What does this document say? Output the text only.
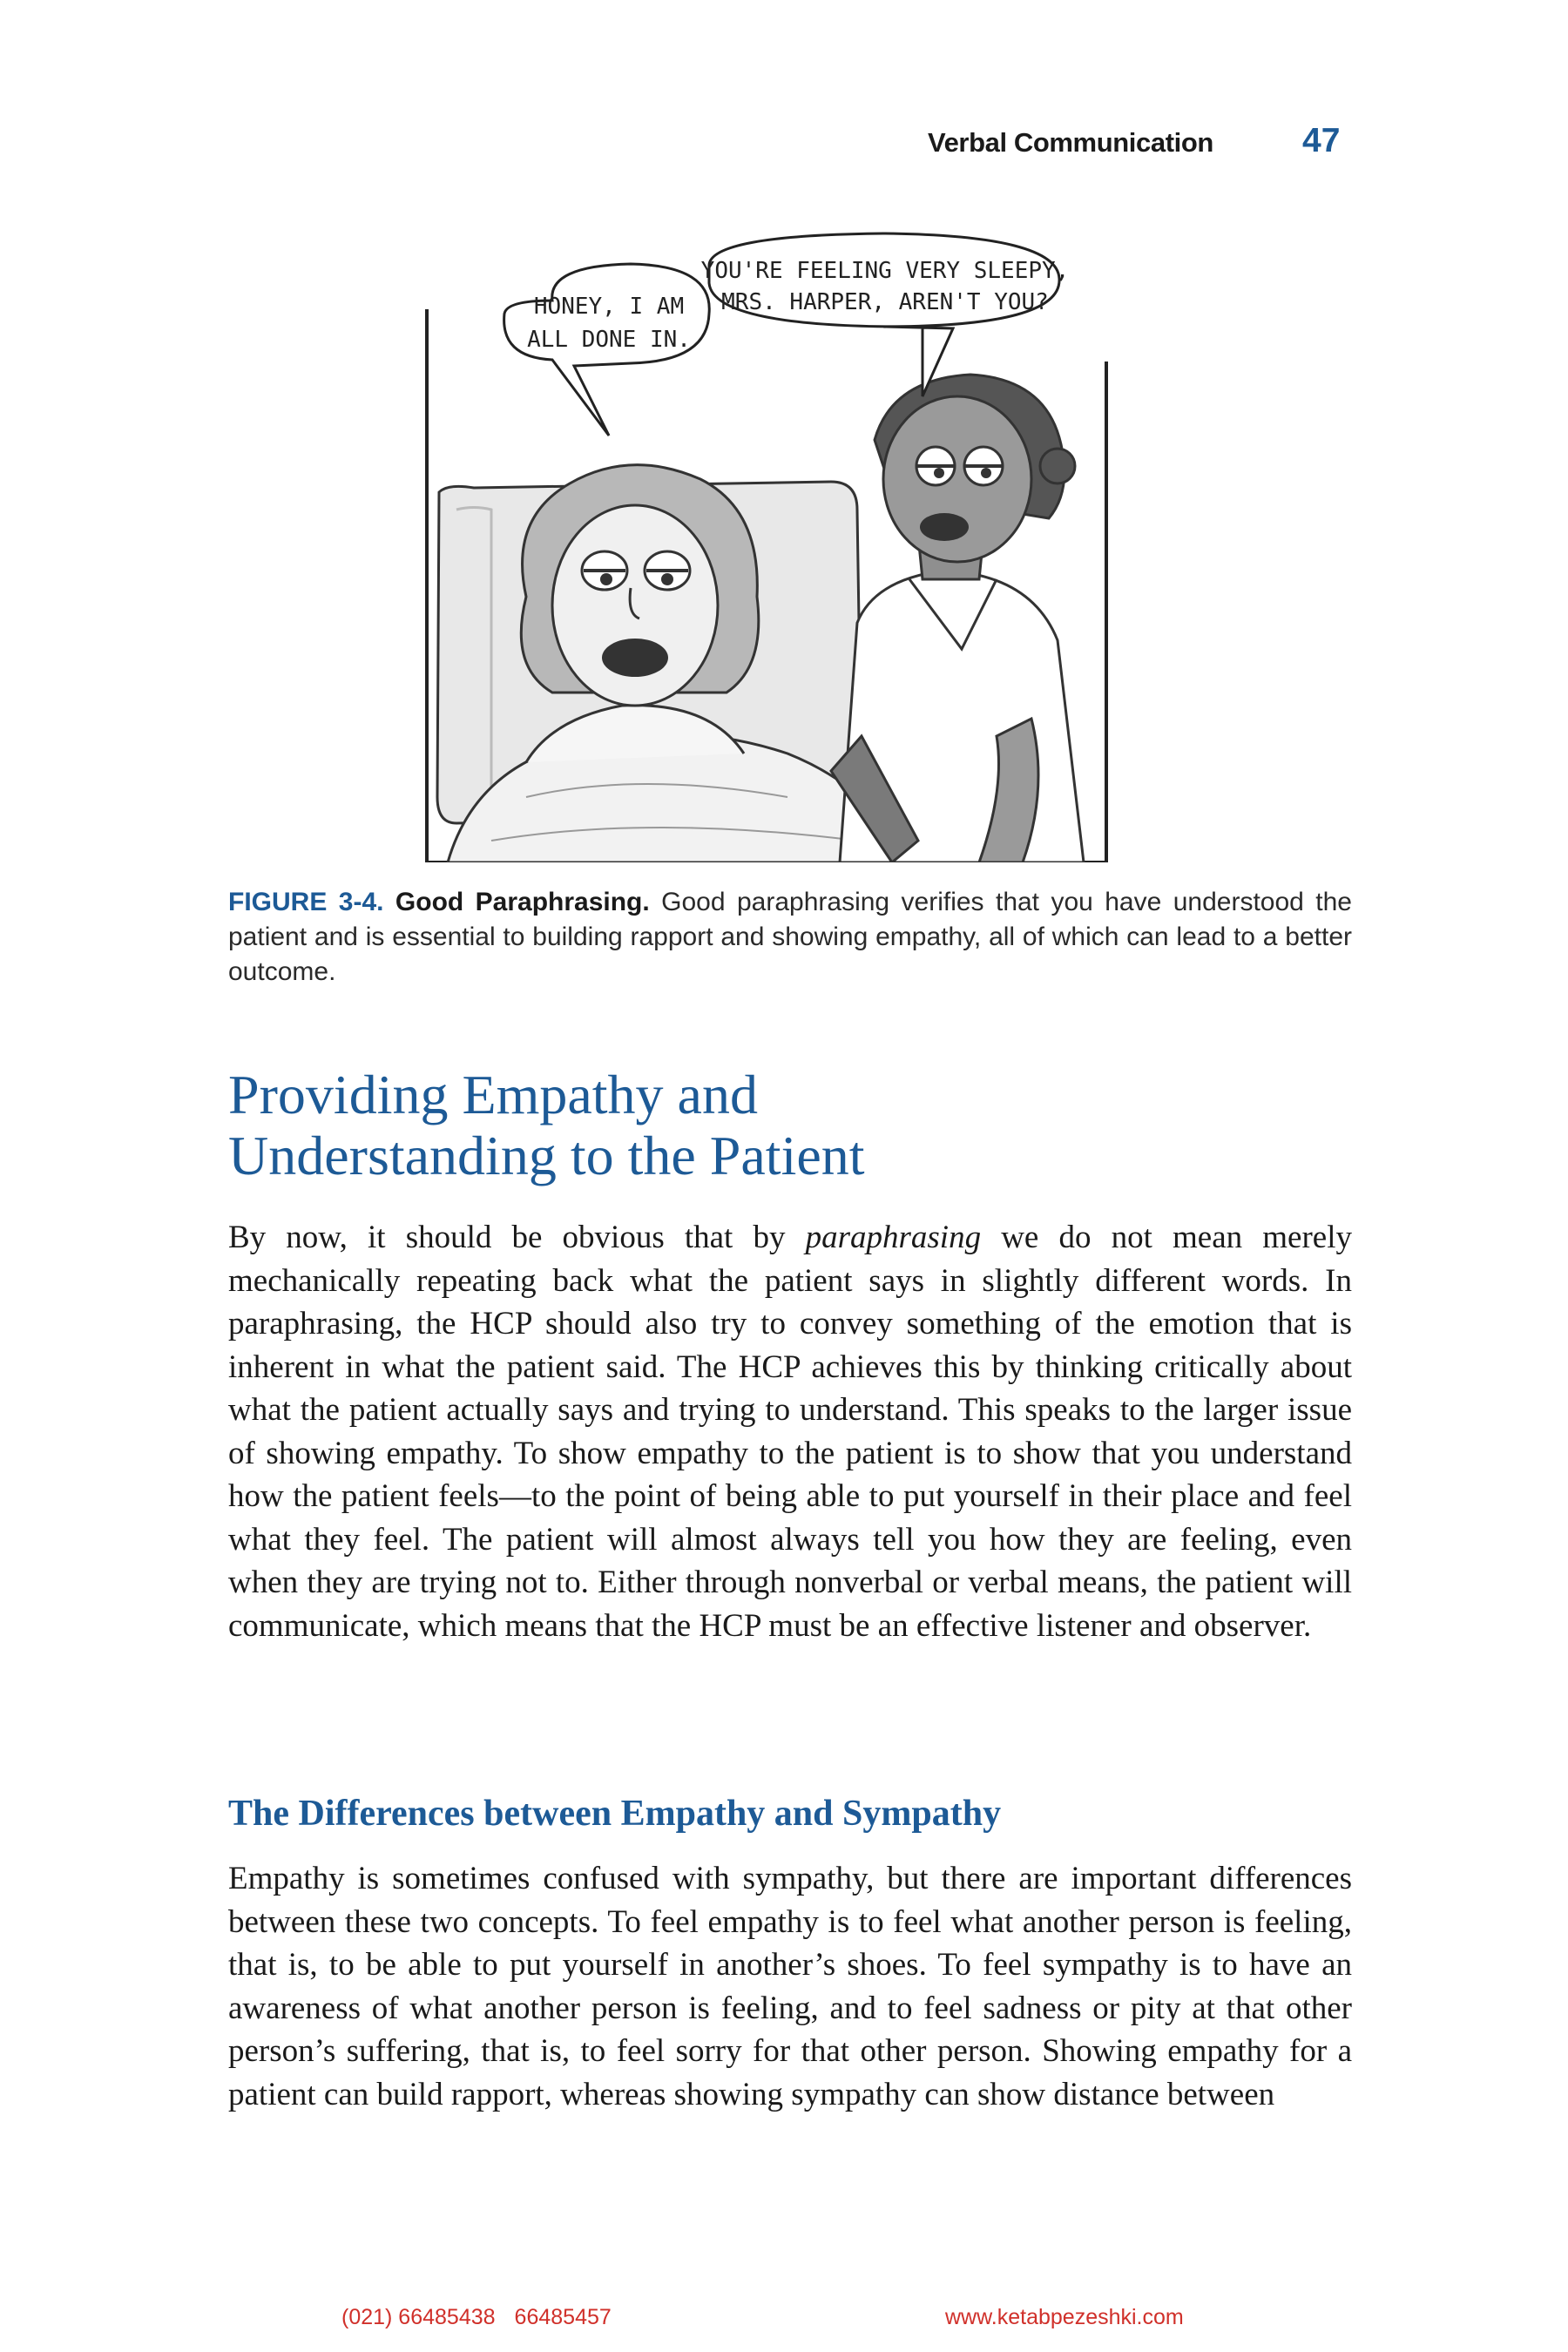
Verbal Communication	47
HONEY, I AM
ALL DONE IN.
YOU'RE FEELING VERY SLEEPY,
MRS. HARPER, AREN'T YOU?

FIGURE 3-4. Good Paraphrasing. Good paraphrasing verifies that you have understood the patient and is essential to building rapport and showing empathy, all of which can lead to a better outcome.

Providing Empathy and
Understanding to the Patient

By now, it should be obvious that by paraphrasing we do not mean merely mechanically repeating back what the patient says in slightly different words. In paraphrasing, the HCP should also try to convey something of the emotion that is inherent in what the patient said. The HCP achieves this by thinking critically about what the patient actually says and trying to understand. This speaks to the larger issue of showing empathy. To show empathy to the patient is to show that you understand how the patient feels—to the point of being able to put yourself in their place and feel what they feel. The patient will almost always tell you how they are feeling, even when they are trying not to. Either through nonverbal or verbal means, the patient will communicate, which means that the HCP must be an effective listener and observer.

The Differences between Empathy and Sympathy

Empathy is sometimes confused with sympathy, but there are important differences between these two concepts. To feel empathy is to feel what another person is feeling, that is, to be able to put yourself in another’s shoes. To feel sympathy is to have an awareness of what another person is feeling, and to feel sadness or pity at that other person’s suffering, that is, to feel sorry for that other person. Showing empathy for a patient can build rapport, whereas showing sympathy can show distance between

(021) 66485438 66485457	www.ketabpezeshki.com
